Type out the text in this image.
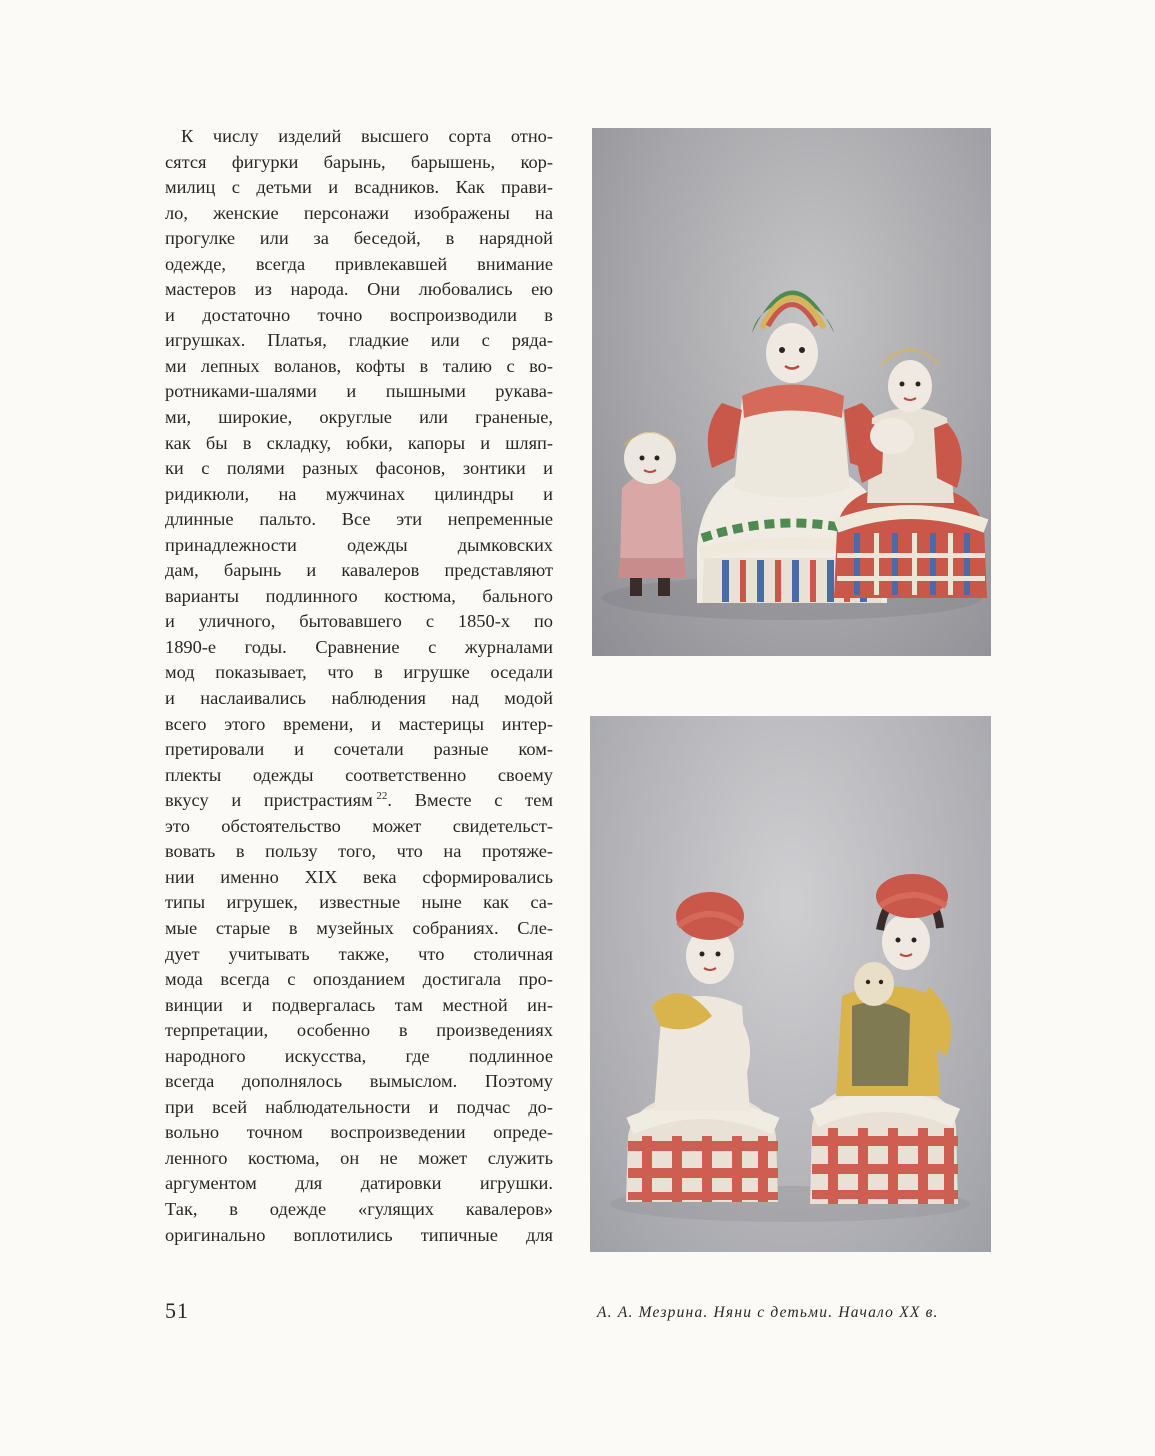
К числу изделий высшего сорта отно-
сятся фигурки барынь, барышень, кор-
милиц с детьми и всадников. Как прави-
ло, женские персонажи изображены на
прогулке или за беседой, в нарядной
одежде, всегда привлекавшей внимание
мастеров из народа. Они любовались ею
и достаточно точно воспроизводили в
игрушках. Платья, гладкие или с ряда-
ми лепных воланов, кофты в талию с во-
ротниками-шалями и пышными рукава-
ми, широкие, округлые или граненые,
как бы в складку, юбки, капоры и шляп-
ки с полями разных фасонов, зонтики и
ридикюли, на мужчинах цилиндры и
длинные пальто. Все эти непременные
принадлежности одежды дымковских
дам, барынь и кавалеров представляют
варианты подлинного костюма, бального
и уличного, бытовавшего с 1850-х по
1890-е годы. Сравнение с журналами
мод показывает, что в игрушке оседали
и наслаивались наблюдения над модой
всего этого времени, и мастерицы интер-
претировали и сочетали разные ком-
плекты одежды соответственно своему
вкусу и пристрастиям  $^{22}$. Вместе с тем
это обстоятельство может свидетельст-
вовать в пользу того, что на протяже-
нии именно XIX века сформировались
типы игрушек, известные ныне как са-
мые старые в музейных собраниях. Сле-
дует учитывать также, что столичная
мода всегда с опозданием достигала про-
винции и подвергалась там местной ин-
терпретации, особенно в произведениях
народного искусства, где подлинное
всегда дополнялось вымыслом. Поэтому
при всей наблюдательности и подчас до-
вольно точном воспроизведении опреде-
ленного костюма, он не может служить
аргументом для датировки игрушки.
Так, в одежде «гулящих кавалеров»
оригинально воплотились типичные для
51	А. А. Мезрина. Няни с детьми. Начало XX в.
